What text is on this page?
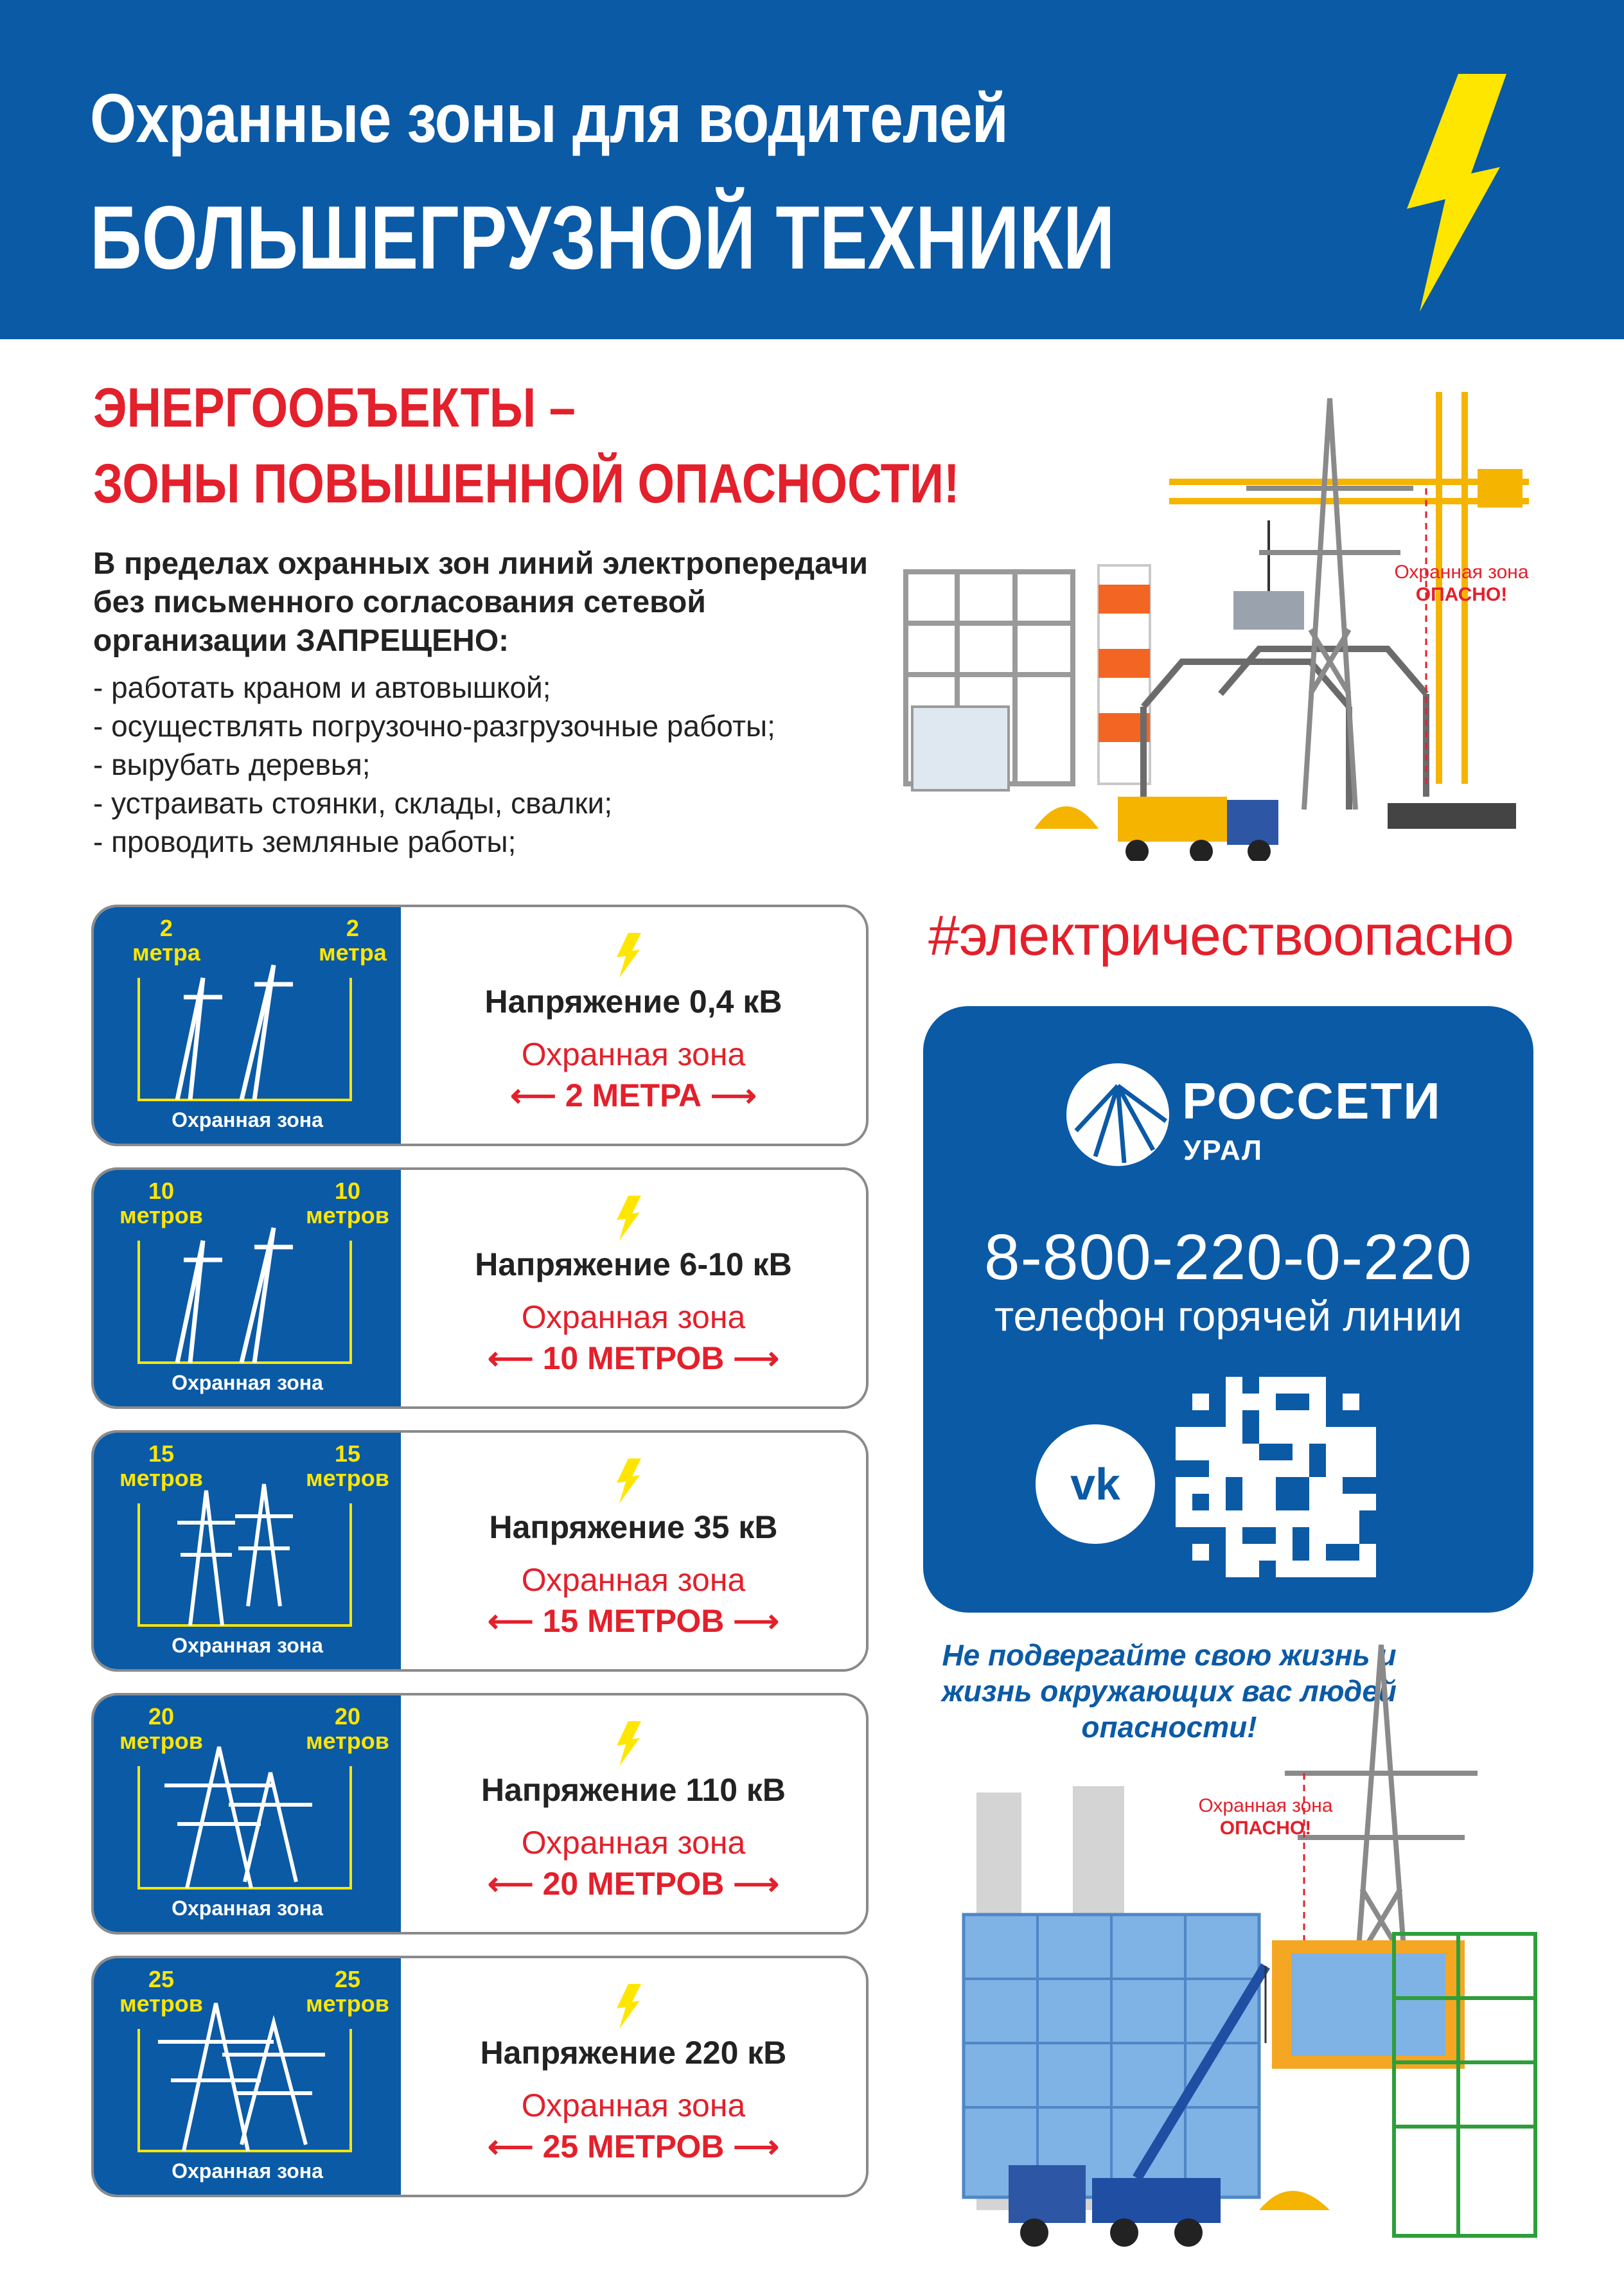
Охранные зоны для водителей
БОЛЬШЕГРУЗНОЙ ТЕХНИКИ
ЭНЕРГООБЪЕКТЫ –
ЗОНЫ ПОВЫШЕННОЙ ОПАСНОСТИ!
В пределах охранных зон линий электропередачи без письменного согласования сетевой организации ЗАПРЕЩЕНО:
- работать краном и автовышкой;
- осуществлять погрузочно-разгрузочные работы;
- вырубать деревья;
- устраивать стоянки, склады, свалки;
- проводить земляные работы;
Охранная зона
ОПАСНО!
2
метра
2
метра
Охранная зона
Напряжение 0,4 кВ
Охранная зона
⟵ 2 МЕТРА ⟶
10
метров
10
метров
Охранная зона
Напряжение 6-10 кВ
Охранная зона
⟵ 10 МЕТРОВ ⟶
15
метров
15
метров
Охранная зона
Напряжение 35 кВ
Охранная зона
⟵ 15 МЕТРОВ ⟶
20
метров
20
метров
Охранная зона
Напряжение 110 кВ
Охранная зона
⟵ 20 МЕТРОВ ⟶
25
метров
25
метров
Охранная зона
Напряжение 220 кВ
Охранная зона
⟵ 25 МЕТРОВ ⟶
#электричествоопасно
РОССЕТИ
УРАЛ
8-800-220-0-220
телефон горячей линии
vk
Не подвергайте свою жизнь и жизнь окружающих вас людей опасности!
Охранная зона
ОПАСНО!
